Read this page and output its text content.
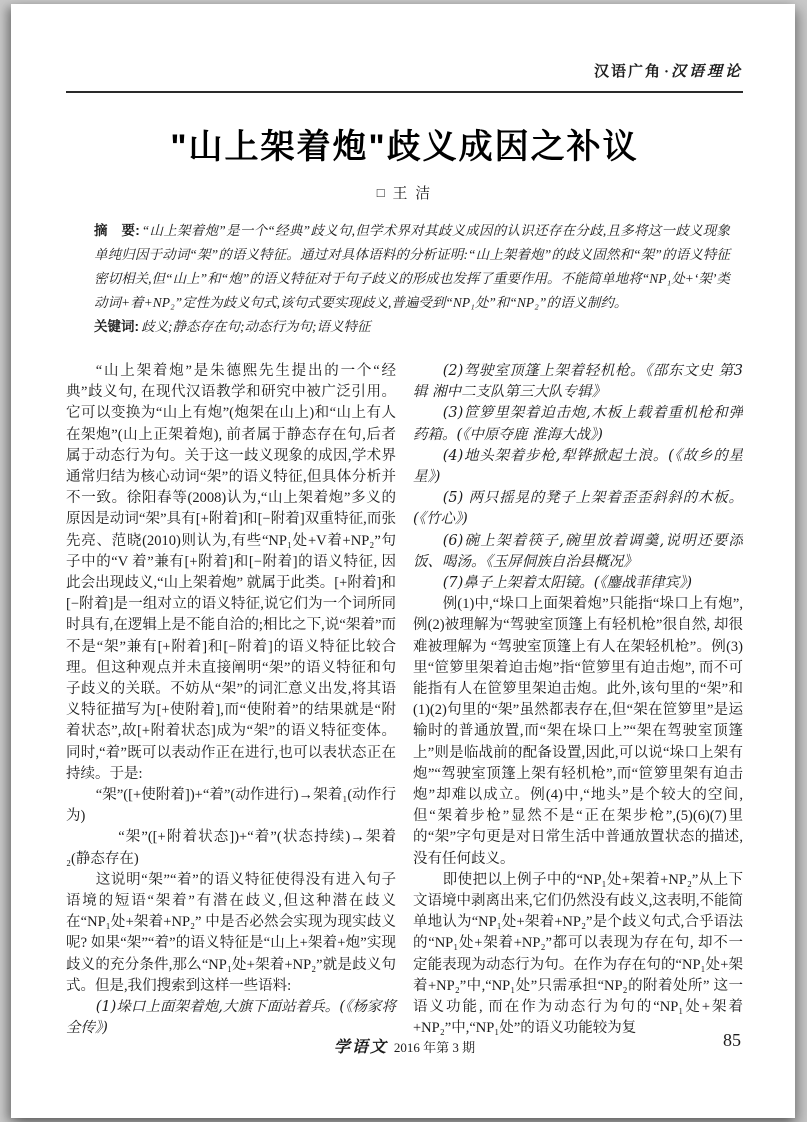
汉语广角 · 汉语理论
"山上架着炮"歧义成因之补议
□ 王 洁

摘　要: “山上架着炮”是一个“经典”歧义句,但学术界对其歧义成因的认识还存在分歧,且多将这一歧义现象单纯归因于动词“架”的语义特征。通过对具体语料的分析证明:“山上架着炮”的歧义固然和“架”的语义特征密切相关,但“山上”和“炮”的语义特征对于句子歧义的形成也发挥了重要作用。不能简单地将“NP₁处+‘架’类动词+着+NP₂”定性为歧义句式,该句式要实现歧义,普遍受到“NP₁处”和“NP₂”的语义制约。

关键词: 歧义;静态存在句;动态行为句;语义特征

“山上架着炮”是朱德熙先生提出的一个“经典”歧义句, 在现代汉语教学和研究中被广泛引用。它可以变换为“山上有炮”(炮架在山上)和“山上有人在架炮”(山上正架着炮), 前者属于静态存在句,后者属于动态行为句。关于这一歧义现象的成因,学术界通常归结为核心动词“架”的语义特征,但具体分析并不一致。徐阳春等(2008)认为,“山上架着炮”多义的原因是动词“架”具有[+附着]和[−附着]双重特征,而张先亮、范晓(2010)则认为,有些“NP₁处+V着+NP₂”句子中的“V 着”兼有[+附着]和[−附着]的语义特征, 因此会出现歧义,“山上架着炮” 就属于此类。[+附着]和[−附着]是一组对立的语义特征,说它们为一个词所同时具有,在逻辑上是不能自洽的;相比之下,说“架着”而不是“架”兼有[+附着]和[−附着]的语义特征比较合理。但这种观点并未直接阐明“架”的语义特征和句子歧义的关联。不妨从“架”的词汇意义出发,将其语义特征描写为[+使附着],而“使附着”的结果就是“附着状态”,故[+附着状态]成为“架”的语义特征变体。同时,“着”既可以表动作正在进行,也可以表状态正在持续。于是:

“架”([+使附着])+“着”(动作进行)→架着₁(动作行为)

“架”([+附着状态])+“着”(状态持续)→架着₂(静态存在)

这说明“架”“着”的语义特征使得没有进入句子语境的短语“架着”有潜在歧义,但这种潜在歧义在“NP₁处+架着+NP₂” 中是否必然会实现为现实歧义呢? 如果“架”“着”的语义特征是“山上+架着+炮”实现歧义的充分条件,那么“NP₁处+架着+NP₂”就是歧义句式。但是,我们搜索到这样一些语料:

(1)垛口上面架着炮,大旗下面站着兵。(《杨家将全传》)

(2)驾驶室顶篷上架着轻机枪。《邵东文史 第3辑 湘中二支队第三大队专辑》

(3)笸箩里架着迫击炮,木板上载着重机枪和弹药箱。(《中原夺鹿 淮海大战》)

(4)地头架着步枪,犁铧掀起土浪。(《故乡的星星》)

(5) 两只摇晃的凳子上架着歪歪斜斜的木板。(《竹心》)

(6)碗上架着筷子,碗里放着调羹,说明还要添饭、喝汤。《玉屏侗族自治县概况》

(7)鼻子上架着太阳镜。(《鏖战菲律宾》)

例(1)中,“垛口上面架着炮”只能指“垛口上有炮”,例(2)被理解为“驾驶室顶篷上有轻机枪”很自然, 却很难被理解为 “驾驶室顶篷上有人在架轻机枪”。例(3)里“笸箩里架着迫击炮”指“笸箩里有迫击炮”, 而不可能指有人在笸箩里架迫击炮。此外,该句里的“架”和(1)(2)句里的“架”虽然都表存在,但“架在笸箩里”是运输时的普通放置,而“架在垛口上”“架在驾驶室顶篷上”则是临战前的配备设置,因此,可以说“垛口上架有炮”“驾驶室顶篷上架有轻机枪”,而“笸箩里架有迫击炮”却难以成立。例(4)中,“地头”是个较大的空间,但“架着步枪”显然不是“正在架步枪”,(5)(6)(7)里的“架”字句更是对日常生活中普通放置状态的描述,没有任何歧义。

即使把以上例子中的“NP₁处+架着+NP₂”从上下文语境中剥离出来,它们仍然没有歧义,这表明,不能简单地认为“NP₁处+架着+NP₂”是个歧义句式,合乎语法的“NP₁处+架着+NP₂”都可以表现为存在句, 却不一定能表现为动态行为句。在作为存在句的“NP₁处+架着+NP₂”中,“NP₁处”只需承担“NP₂的附着处所” 这一语义功能, 而在作为动态行为句的“NP₁处+架着+NP₂”中,“NP₁处”的语义功能较为复

学语文 2016 年第 3 期	85
